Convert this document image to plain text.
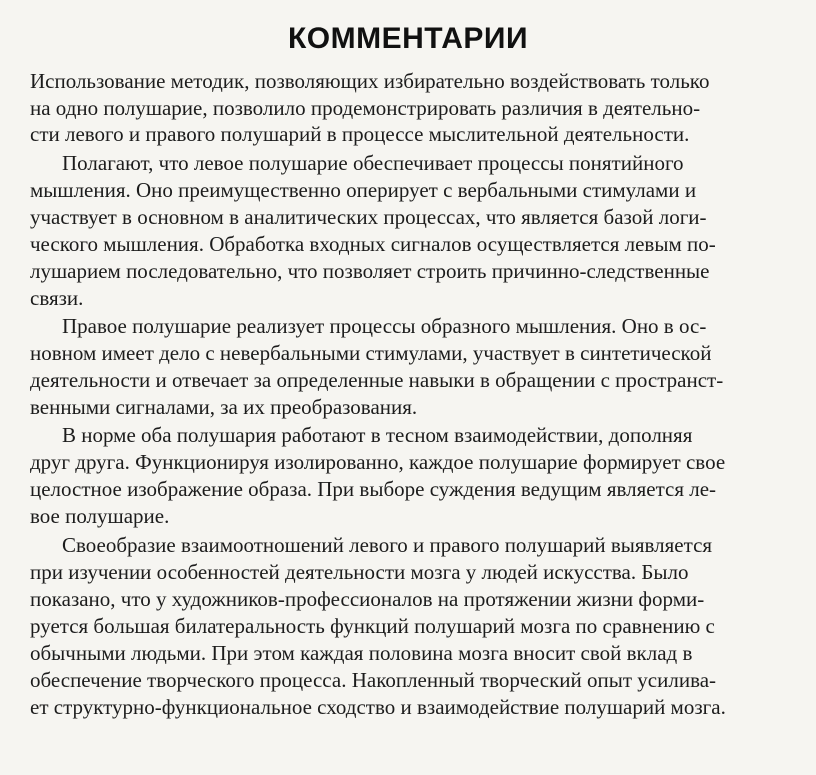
КОММЕНТАРИИ
Использование методик, позволяющих избирательно воздействовать только
на одно полушарие, позволило продемонстрировать различия в деятельно-
сти левого и правого полушарий в процессе мыслительной деятельности.
Полагают, что левое полушарие обеспечивает процессы понятийного
мышления. Оно преимущественно оперирует с вербальными стимулами и
участвует в основном в аналитических процессах, что является базой логи-
ческого мышления. Обработка входных сигналов осуществляется левым по-
лушарием последовательно, что позволяет строить причинно-следственные
связи.
Правое полушарие реализует процессы образного мышления. Оно в ос-
новном имеет дело с невербальными стимулами, участвует в синтетической
деятельности и отвечает за определенные навыки в обращении с пространст-
венными сигналами, за их преобразования.
В норме оба полушария работают в тесном взаимодействии, дополняя
друг друга. Функционируя изолированно, каждое полушарие формирует свое
целостное изображение образа. При выборе суждения ведущим является ле-
вое полушарие.
Своеобразие взаимоотношений левого и правого полушарий выявляется
при изучении особенностей деятельности мозга у людей искусства. Было
показано, что у художников-профессионалов на протяжении жизни форми-
руется большая билатеральность функций полушарий мозга по сравнению с
обычными людьми. При этом каждая половина мозга вносит свой вклад в
обеспечение творческого процесса. Накопленный творческий опыт усилива-
ет структурно-функциональное сходство и взаимодействие полушарий мозга.
